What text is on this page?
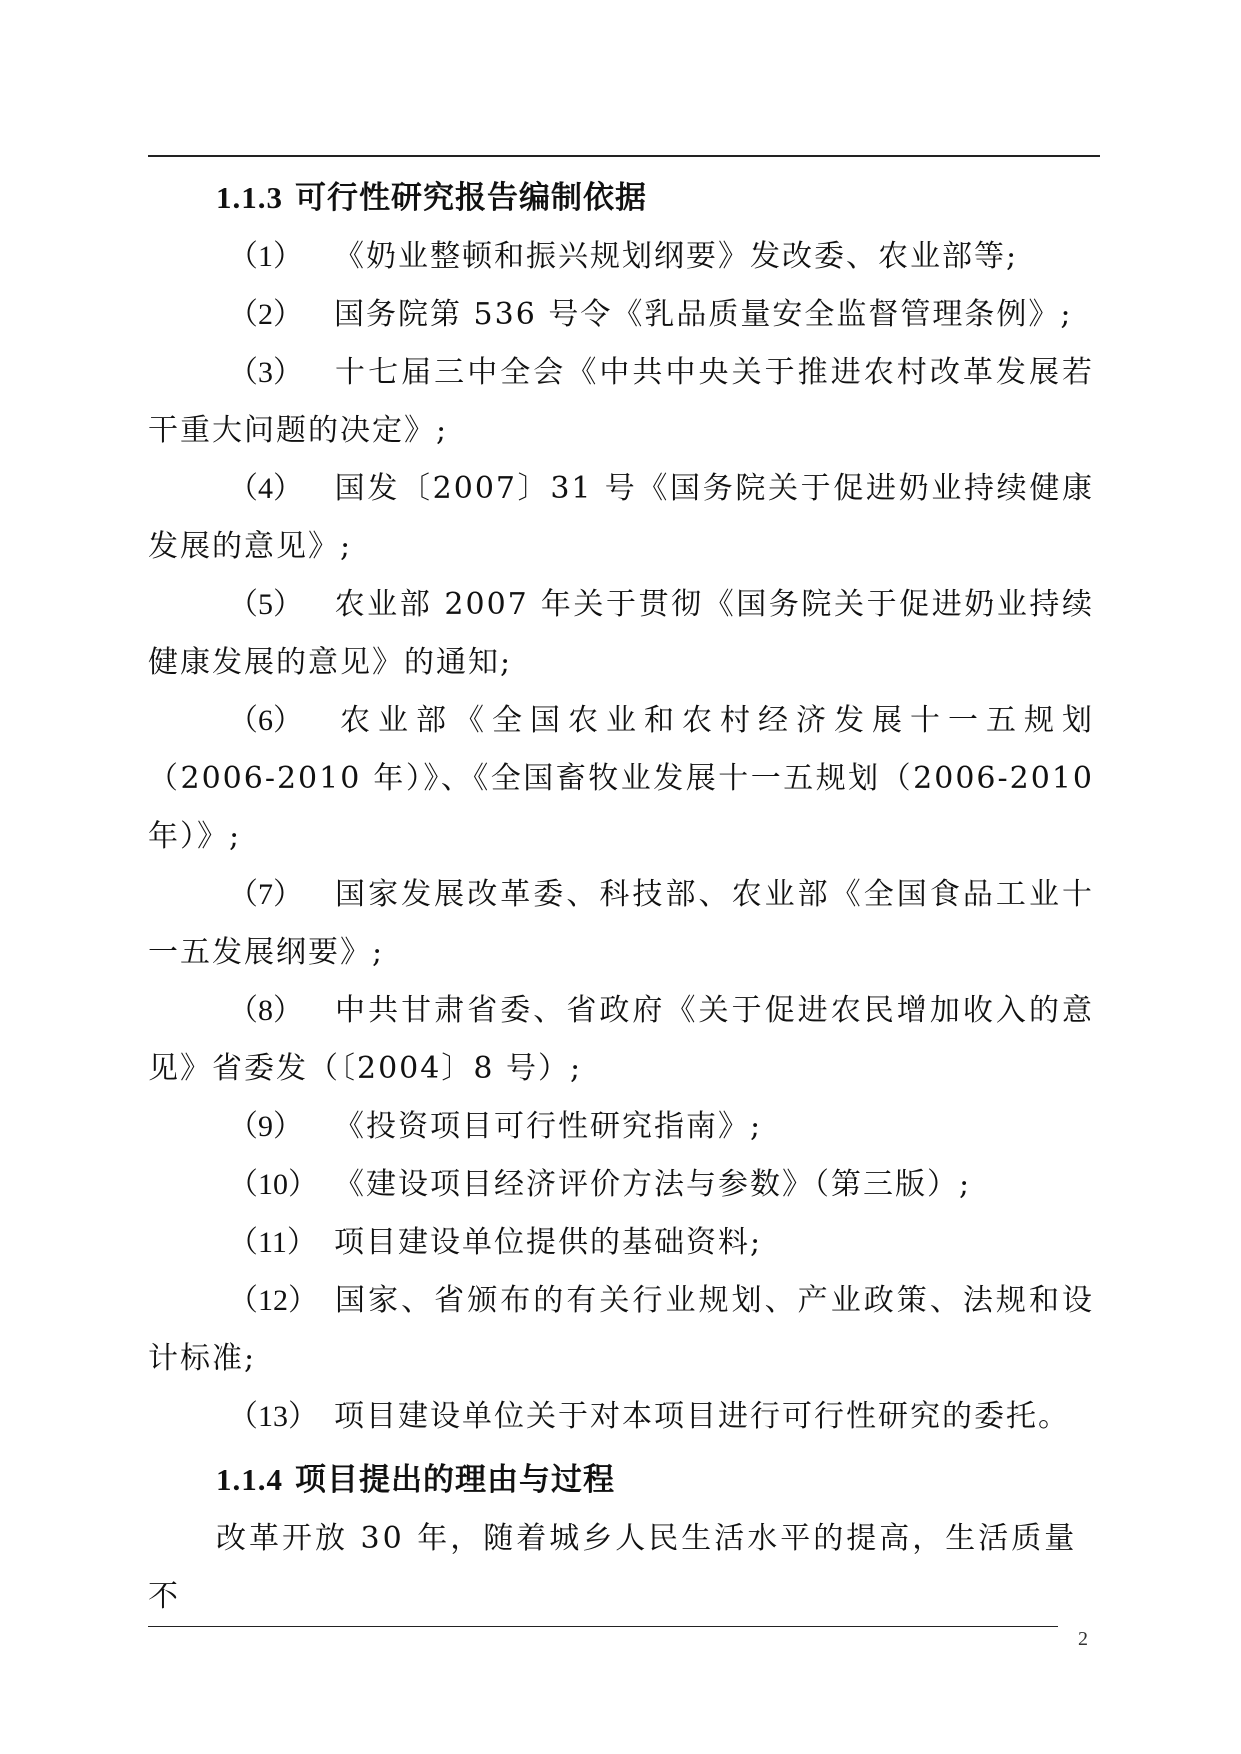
1.1.3 可行性研究报告编制依据

（1） 《奶业整顿和振兴规划纲要》发改委、农业部等;

（2） 国务院第 536 号令《乳品质量安全监督管理条例》;

（3） 十七届三中全会《中共中央关于推进农村改革发展若干重大问题的决定》;

（4） 国发〔2007〕31 号《国务院关于促进奶业持续健康发展的意见》;

（5） 农业部 2007 年关于贯彻《国务院关于促进奶业持续健康发展的意见》的通知;

（6） 农业部《全国农业和农村经济发展十一五规划（2006-2010 年）》、《全国畜牧业发展十一五规划（2006-2010 年）》;

（7） 国家发展改革委、科技部、农业部《全国食品工业十一五发展纲要》;

（8） 中共甘肃省委、省政府《关于促进农民增加收入的意见》省委发（〔2004〕8 号）;

（9） 《投资项目可行性研究指南》;

（10） 《建设项目经济评价方法与参数》（第三版）;

（11） 项目建设单位提供的基础资料;

（12） 国家、省颁布的有关行业规划、产业政策、法规和设计标准;

（13） 项目建设单位关于对本项目进行可行性研究的委托。

1.1.4 项目提出的理由与过程

改革开放 30 年，随着城乡人民生活水平的提高，生活质量不

2
